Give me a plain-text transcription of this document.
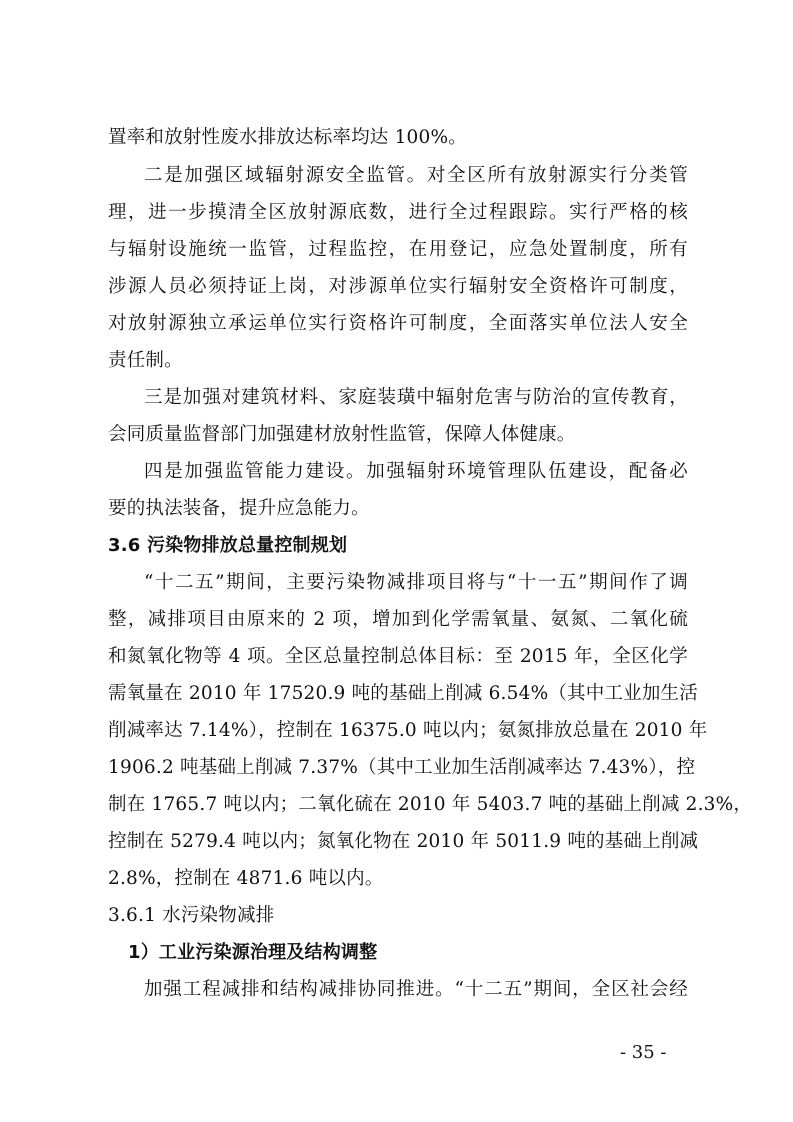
置率和放射性废水排放达标率均达 100%。
二是加强区域辐射源安全监管。对全区所有放射源实行分类管
理，进一步摸清全区放射源底数，进行全过程跟踪。实行严格的核
与辐射设施统一监管，过程监控，在用登记，应急处置制度，所有
涉源人员必须持证上岗，对涉源单位实行辐射安全资格许可制度，
对放射源独立承运单位实行资格许可制度，全面落实单位法人安全
责任制。
三是加强对建筑材料、家庭装璜中辐射危害与防治的宣传教育，
会同质量监督部门加强建材放射性监管，保障人体健康。
四是加强监管能力建设。加强辐射环境管理队伍建设，配备必
要的执法装备，提升应急能力。
3.6 污染物排放总量控制规划
“十二五”期间，主要污染物减排项目将与“十一五”期间作了调
整，减排项目由原来的 2 项，增加到化学需氧量、氨氮、二氧化硫
和氮氧化物等 4 项。全区总量控制总体目标：至 2015 年，全区化学
需氧量在 2010 年 17520.9 吨的基础上削减 6.54%（其中工业加生活
削减率达 7.14%），控制在 16375.0 吨以内；氨氮排放总量在 2010 年
1906.2 吨基础上削减 7.37%（其中工业加生活削减率达 7.43%），控
制在 1765.7 吨以内；二氧化硫在 2010 年 5403.7 吨的基础上削减 2.3%，
控制在 5279.4 吨以内；氮氧化物在 2010 年 5011.9 吨的基础上削减
2.8%，控制在 4871.6 吨以内。
3.6.1 水污染物减排
1）工业污染源治理及结构调整
加强工程减排和结构减排协同推进。“十二五”期间，全区社会经
- 35 -
